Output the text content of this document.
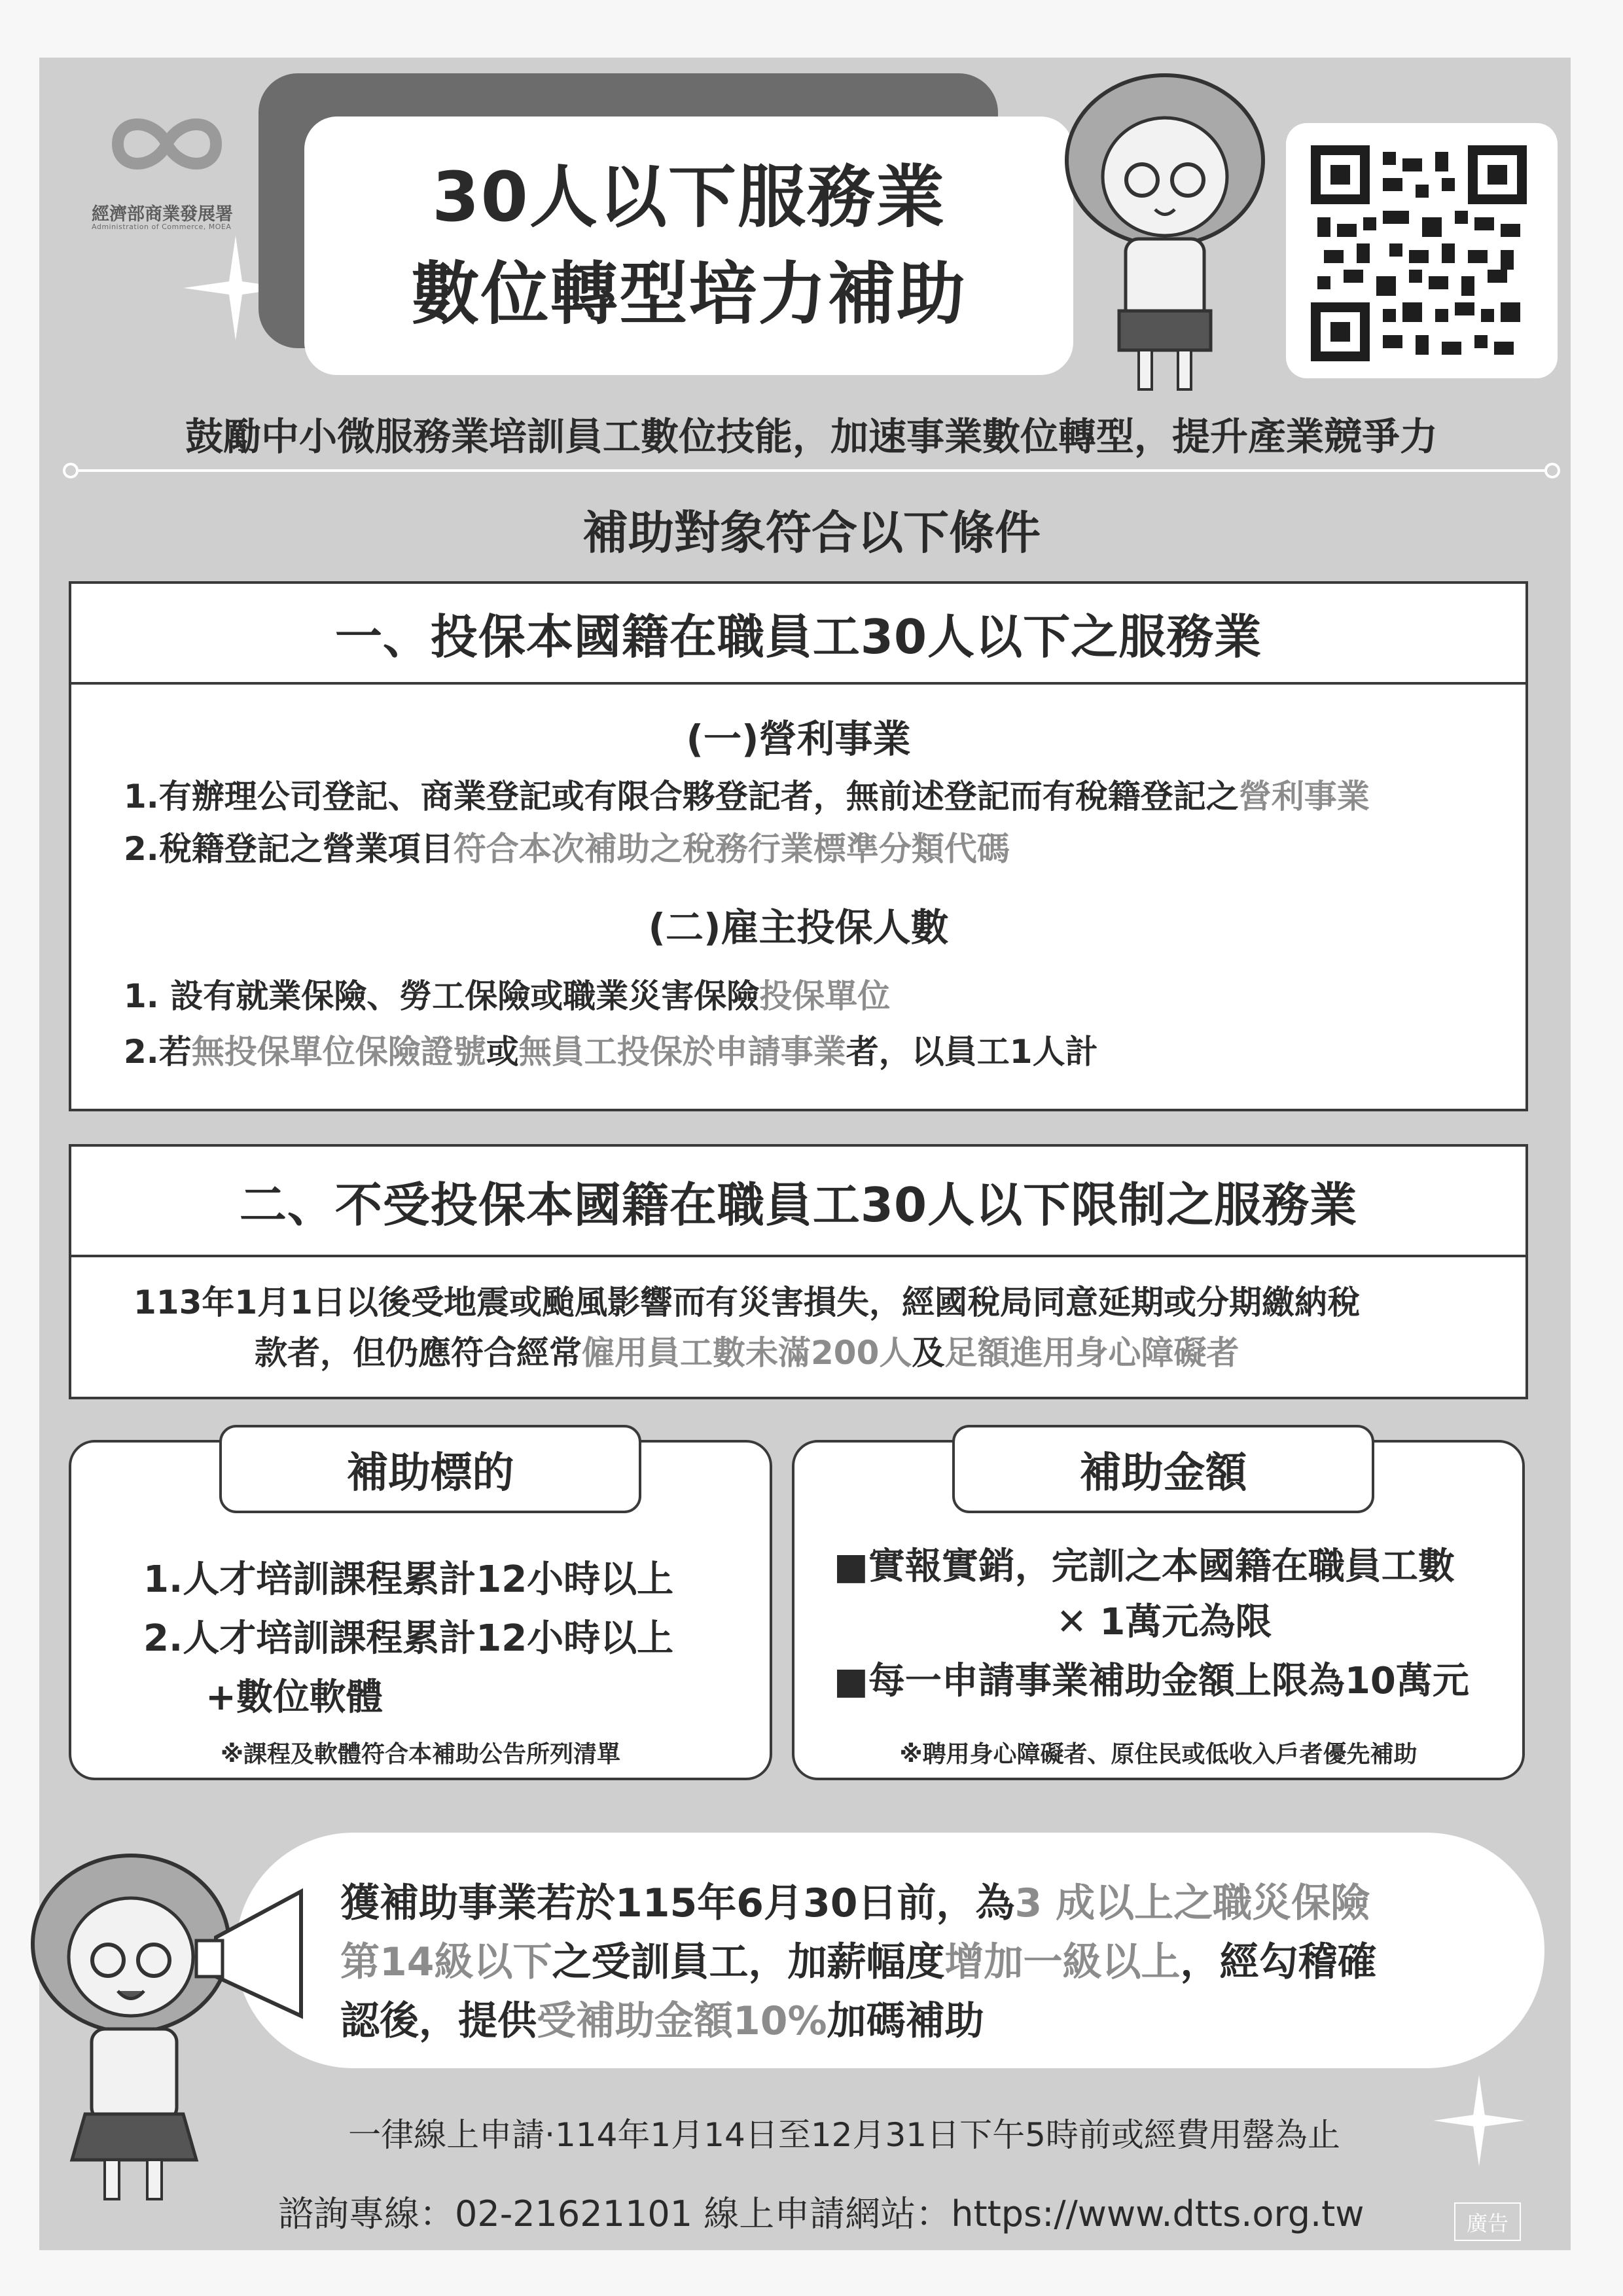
經濟部商業發展署
Administration of Commerce, MOEA	30人以下服務業
數位轉型培力補助
鼓勵中小微服務業培訓員工數位技能，加速事業數位轉型，提升產業競爭力
補助對象符合以下條件
一、投保本國籍在職員工30人以下之服務業
(一)營利事業
1.有辦理公司登記、商業登記或有限合夥登記者，無前述登記而有稅籍登記之營利事業
2.稅籍登記之營業項目符合本次補助之稅務行業標準分類代碼
(二)雇主投保人數
1. 設有就業保險、勞工保險或職業災害保險投保單位
2.若無投保單位保險證號或無員工投保於申請事業者，以員工1人計
二、不受投保本國籍在職員工30人以下限制之服務業
113年1月1日以後受地震或颱風影響而有災害損失，經國稅局同意延期或分期繳納稅
款者，但仍應符合經常僱用員工數未滿200人及足額進用身心障礙者
1.人才培訓課程累計12小時以上
2.人才培訓課程累計12小時以上
+數位軟體
※課程及軟體符合本補助公告所列清單
補助標的
■實報實銷，完訓之本國籍在職員工數
✕ 1萬元為限
■每一申請事業補助金額上限為10萬元
※聘用身心障礙者、原住民或低收入戶者優先補助
補助金額
獲補助事業若於115年6月30日前，為3 成以上之職災保險
第14級以下之受訓員工，加薪幅度增加一級以上，經勾稽確
認後，提供受補助金額10%加碼補助
一律線上申請‧114年1月14日至12月31日下午5時前或經費用罄為止
諮詢專線：02-21621101 線上申請網站：https://www.dtts.org.tw	廣告
